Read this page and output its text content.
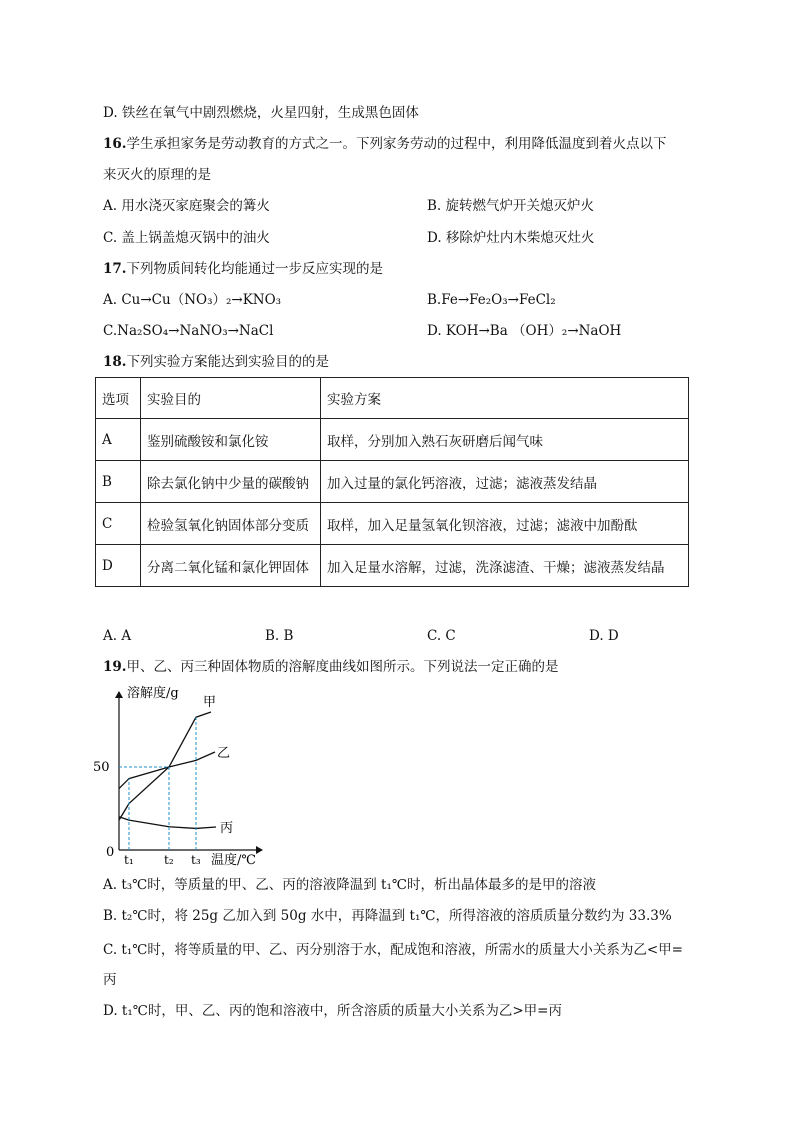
D. 铁丝在氧气中剧烈燃烧，火星四射，生成黑色固体
16.学生承担家务是劳动教育的方式之一。下列家务劳动的过程中，利用降低温度到着火点以下
来灭火的原理的是
A. 用水浇灭家庭聚会的篝火	B. 旋转燃气炉开关熄灭炉火
C. 盖上锅盖熄灭锅中的油火	D. 移除炉灶内木柴熄灭灶火
17.下列物质间转化均能通过一步反应实现的是
A. Cu→Cu（NO₃）₂→KNO₃	B.Fe→Fe₂O₃→FeCl₂
C.Na₂SO₄→NaNO₃→NaCl	D. KOH→Ba （OH）₂→NaOH
18.下列实验方案能达到实验目的的是
选项	实验目的	实验方案
A	鉴别硫酸铵和氯化铵	取样，分别加入熟石灰研磨后闻气味
B	除去氯化钠中少量的碳酸钠	加入过量的氯化钙溶液，过滤；滤液蒸发结晶
C	检验氢氧化钠固体部分变质	取样，加入足量氢氧化钡溶液，过滤；滤液中加酚酞
D	分离二氧化锰和氯化钾固体	加入足量水溶解，过滤，洗涤滤渣、干燥；滤液蒸发结晶
A. A	B. B	C. C	D. D
19.甲、乙、丙三种固体物质的溶解度曲线如图所示。下列说法一定正确的是
溶解度/g
温度/℃
50
0 t₁	t₂ t₃
甲
乙
丙
A. t₃℃时，等质量的甲、乙、丙的溶液降温到 t₁℃时，析出晶体最多的是甲的溶液
B. t₂℃时，将 25g 乙加入到 50g 水中，再降温到 t₁℃，所得溶液的溶质质量分数约为 33.3%
C. t₁℃时，将等质量的甲、乙、丙分别溶于水，配成饱和溶液，所需水的质量大小关系为乙<甲=
丙
D. t₁℃时，甲、乙、丙的饱和溶液中，所含溶质的质量大小关系为乙>甲=丙
